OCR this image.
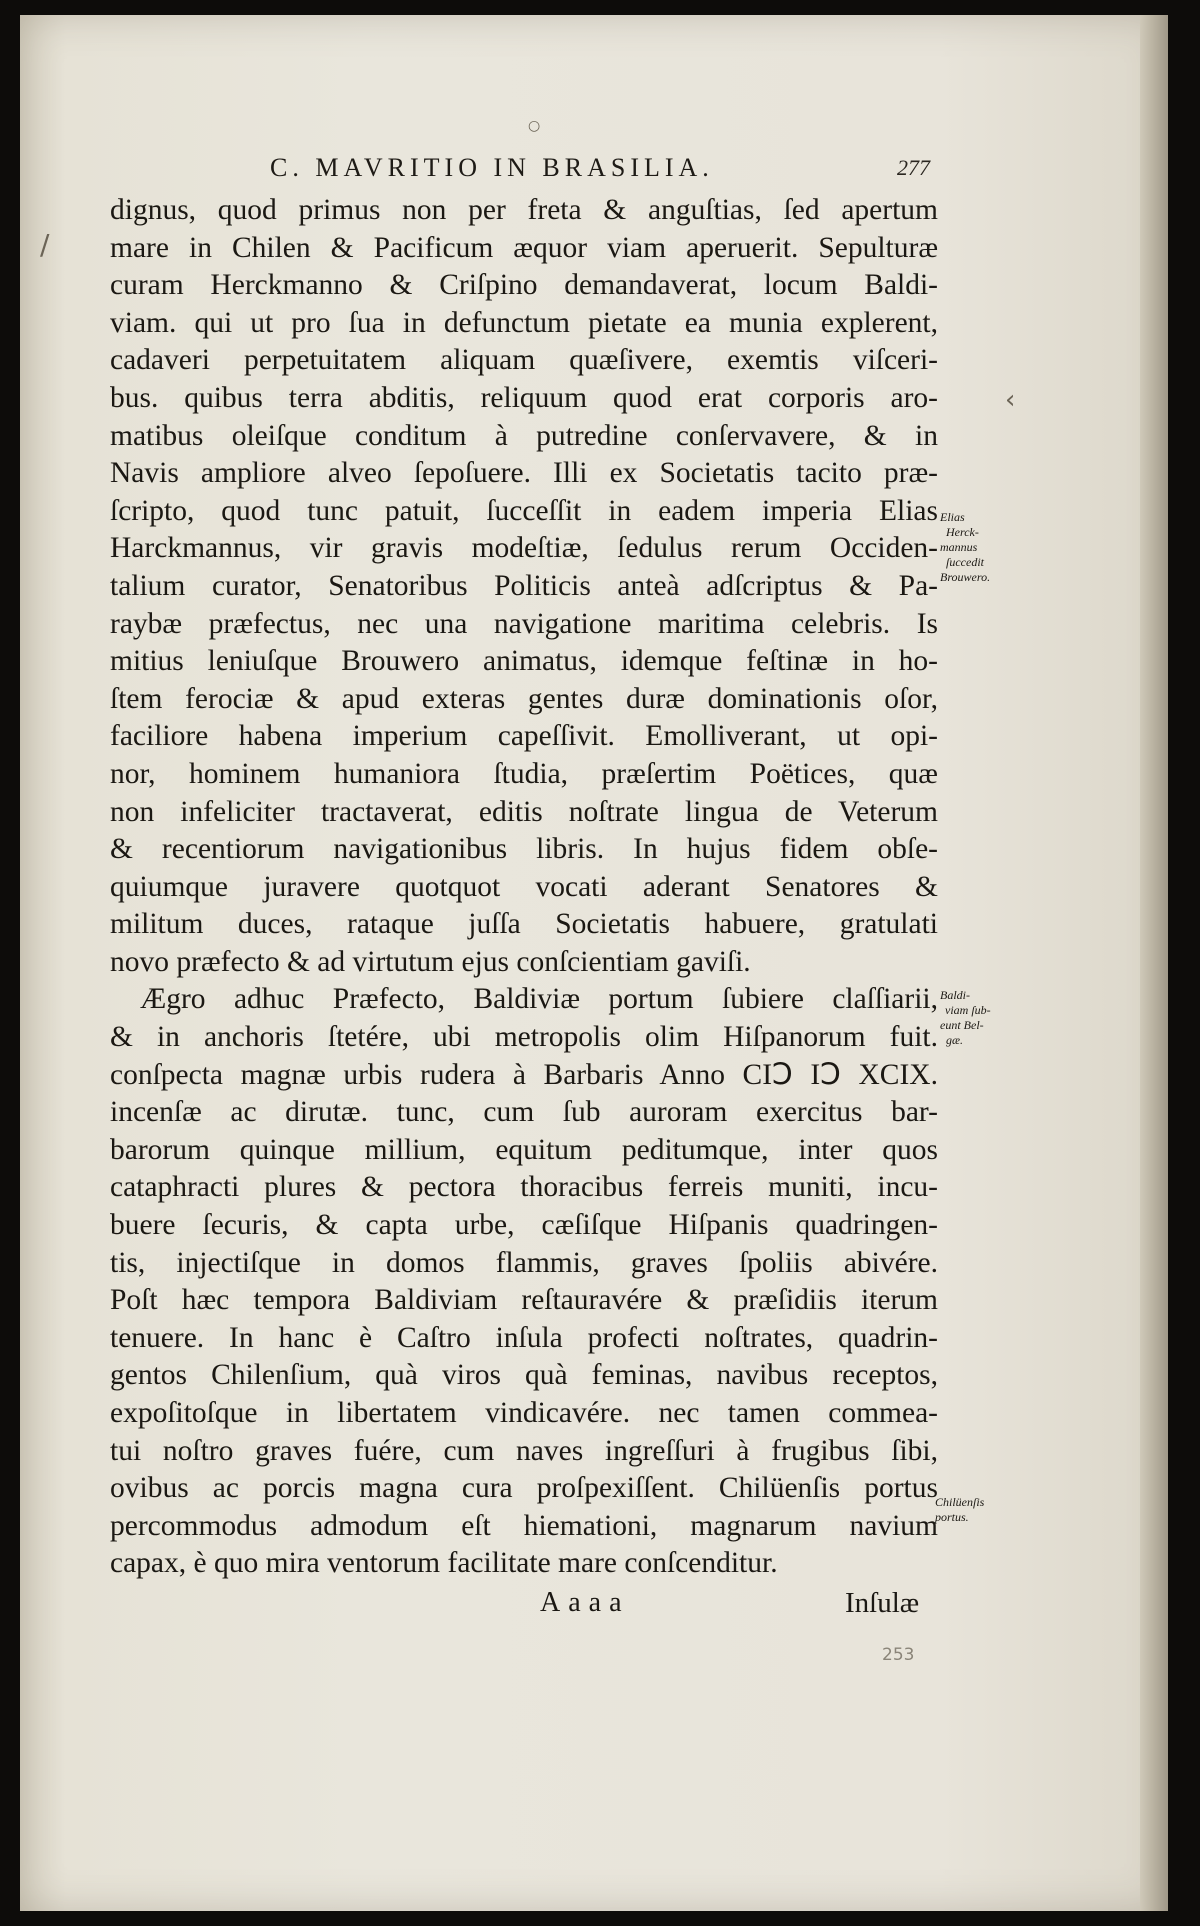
C. MAVRITIO IN BRASILIA.	277
dignus, quod primus non per freta & anguſtias, ſed apertum
mare in Chilen & Pacificum æquor viam aperuerit. Sepulturæ
curam Herckmanno & Criſpino demandaverat, locum Baldi-
viam. qui ut pro ſua in defunctum pietate ea munia explerent,
cadaveri perpetuitatem aliquam quæſivere, exemtis viſceri-
bus. quibus terra abditis, reliquum quod erat corporis aro-
matibus oleiſque conditum à putredine conſervavere, & in
Navis ampliore alveo ſepoſuere. Illi ex Societatis tacito præ-
ſcripto, quod tunc patuit, ſucceſſit in eadem imperia Elias
Harckmannus, vir gravis modeſtiæ, ſedulus rerum Occiden-
talium curator, Senatoribus Politicis anteà adſcriptus & Pa-
raybæ præfectus, nec una navigatione maritima celebris. Is
mitius leniuſque Brouwero animatus, idemque feſtinæ in ho-
ſtem ferociæ & apud exteras gentes duræ dominationis oſor,
faciliore habena imperium capeſſivit. Emolliverant, ut opi-
nor, hominem humaniora ſtudia, præſertim Poëtices, quæ
non infeliciter tractaverat, editis noſtrate lingua de Veterum
& recentiorum navigationibus libris. In hujus fidem obſe-
quiumque juravere quotquot vocati aderant Senatores &
militum duces, rataque juſſa Societatis habuere, gratulati
novo præfecto & ad virtutum ejus conſcientiam gaviſi.
Ægro adhuc Præfecto, Baldiviæ portum ſubiere claſſiarii,
& in anchoris ſtetére, ubi metropolis olim Hiſpanorum fuit.
conſpecta magnæ urbis rudera à Barbaris Anno CIↃ IↃ XCIX.
incenſæ ac dirutæ. tunc, cum ſub auroram exercitus bar-
barorum quinque millium, equitum peditumque, inter quos
cataphracti plures & pectora thoracibus ferreis muniti, incu-
buere ſecuris, & capta urbe, cæſiſque Hiſpanis quadringen-
tis, injectiſque in domos flammis, graves ſpoliis abivére.
Poſt hæc tempora Baldiviam reſtauravére & præſidiis iterum
tenuere. In hanc è Caſtro inſula profecti noſtrates, quadrin-
gentos Chilenſium, quà viros quà feminas, navibus receptos,
expoſitoſque in libertatem vindicavére. nec tamen commea-
tui noſtro graves fuére, cum naves ingreſſuri à frugibus ſibi,
ovibus ac porcis magna cura proſpexiſſent. Chilüenſis portus
percommodus admodum eſt hiemationi, magnarum navium
capax, è quo mira ventorum facilitate mare conſcenditur.
Elias
Herck-
mannus
ſuccedit
Brouwero.
Baldi-
viam ſub-
eunt Bel-
gæ.
Chilüenſis
portus.
Aaaa	Inſulæ
253
○
/
‹
